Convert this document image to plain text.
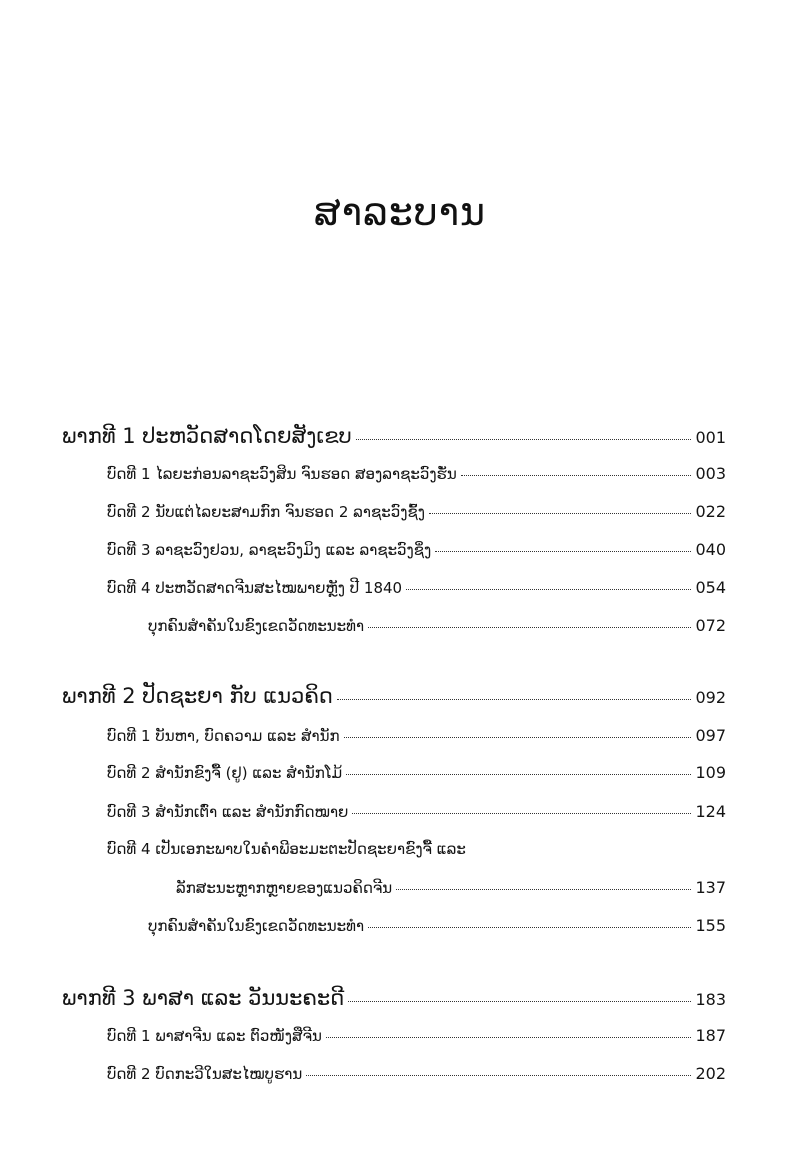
ສາລະບານ
ພາກທີ 1 ປະຫວັດສາດໂດຍສັງເຂບ	001
ບົດທີ 1 ໄລຍະກ່ອນລາຊະວົງສິນ ຈົນຮອດ ສອງລາຊະວົງຮັ່ນ	003
ບົດທີ 2 ນັບແຕ່ໄລຍະສາມກົກ ຈົນຮອດ 2 ລາຊະວົງຊົ້ງ	022
ບົດທີ 3 ລາຊະວົງຢວນ, ລາຊະວົງມິງ ແລະ ລາຊະວົງຊິ່ງ	040
ບົດທີ 4 ປະຫວັດສາດຈີນສະໄໝພາຍຫຼັງ ປີ 1840	054
ບຸກຄົນສຳຄັນໃນຂົງເຂດວັດທະນະທຳ	072
ພາກທີ 2 ປັດຊະຍາ ກັບ ແນວຄິດ	092
ບົດທີ 1 ບັນຫາ, ບົດຄວາມ ແລະ ສຳນັກ	097
ບົດທີ 2 ສຳນັກຂົງຈື້ (ຢູ) ແລະ ສຳນັກໂມ້	109
ບົດທີ 3 ສຳນັກເຕົ່າ ແລະ ສຳນັກກົດໝາຍ	124
ບົດທີ 4 ເປັນເອກະພາບໃນຄຳພີອະມະຕະປັດຊະຍາຂົງຈື້ ແລະ
ລັກສະນະຫຼາກຫຼາຍຂອງແນວຄິດຈີນ	137
ບຸກຄົນສຳຄັນໃນຂົງເຂດວັດທະນະທຳ	155
ພາກທີ 3 ພາສາ ແລະ ວັນນະຄະດີ	183
ບົດທີ 1 ພາສາຈີນ ແລະ ຕົວໜັງສືຈີນ	187
ບົດທີ 2 ບົດກະວີໃນສະໄໝບູຮານ	202
